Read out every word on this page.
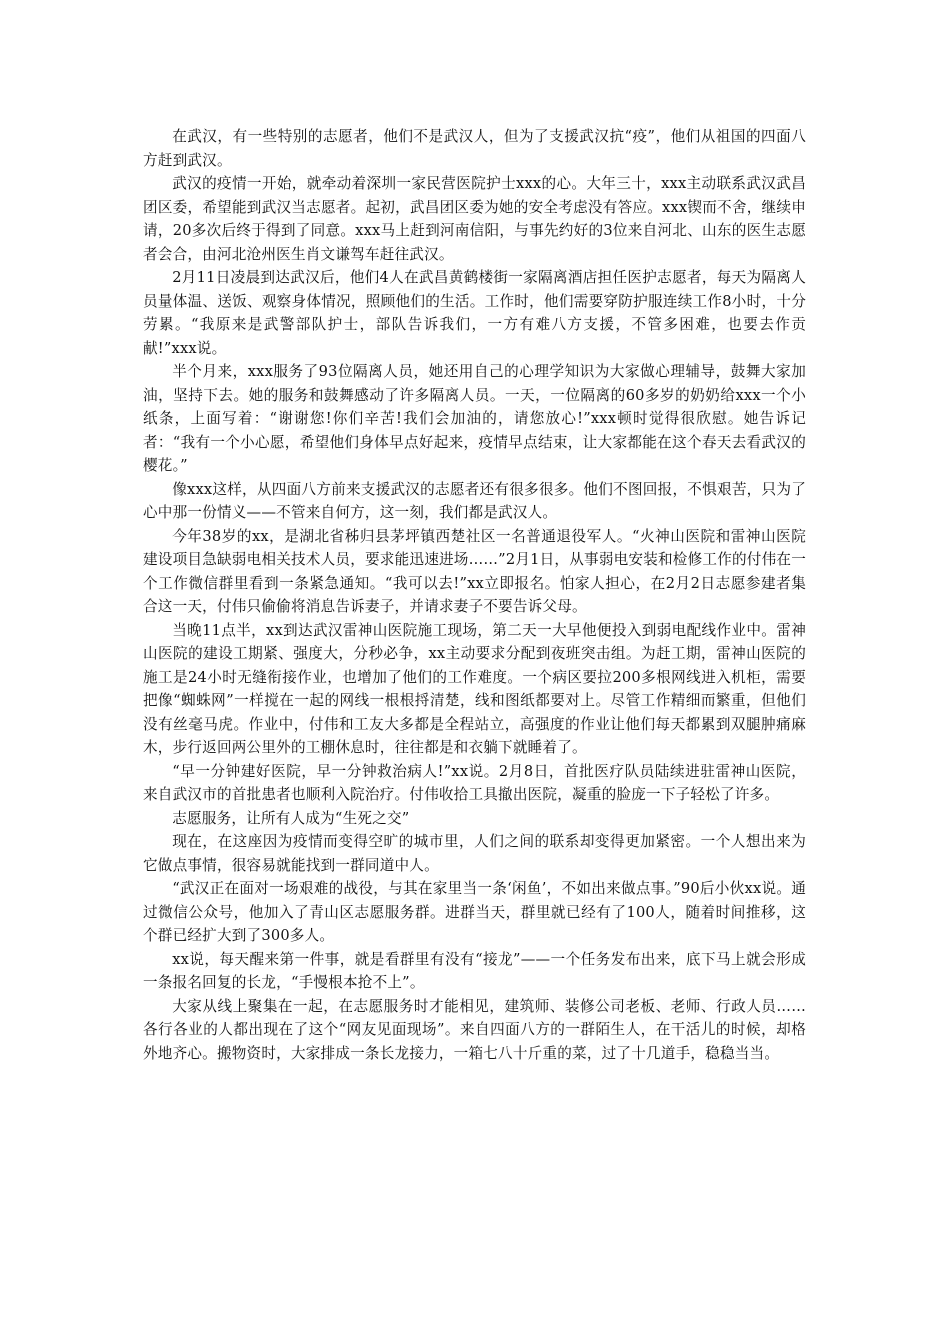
在武汉，有一些特别的志愿者，他们不是武汉人，但为了支援武汉抗“疫”，他们从祖国的四面八方赶到武汉。

武汉的疫情一开始，就牵动着深圳一家民营医院护士xxx的心。大年三十，xxx主动联系武汉武昌团区委，希望能到武汉当志愿者。起初，武昌团区委为她的安全考虑没有答应。xxx锲而不舍，继续申请，20多次后终于得到了同意。xxx马上赶到河南信阳，与事先约好的3位来自河北、山东的医生志愿者会合，由河北沧州医生肖文谦驾车赶往武汉。

2月11日凌晨到达武汉后，他们4人在武昌黄鹤楼街一家隔离酒店担任医护志愿者，每天为隔离人员量体温、送饭、观察身体情况，照顾他们的生活。工作时，他们需要穿防护服连续工作8小时，十分劳累。“我原来是武警部队护士，部队告诉我们，一方有难八方支援，不管多困难，也要去作贡献!”xxx说。

半个月来，xxx服务了93位隔离人员，她还用自己的心理学知识为大家做心理辅导，鼓舞大家加油，坚持下去。她的服务和鼓舞感动了许多隔离人员。一天，一位隔离的60多岁的奶奶给xxx一个小纸条，上面写着：“谢谢您!你们辛苦!我们会加油的，请您放心!”xxx顿时觉得很欣慰。她告诉记者：“我有一个小心愿，希望他们身体早点好起来，疫情早点结束，让大家都能在这个春天去看武汉的樱花。”

像xxx这样，从四面八方前来支援武汉的志愿者还有很多很多。他们不图回报，不惧艰苦，只为了心中那一份情义——不管来自何方，这一刻，我们都是武汉人。

今年38岁的xx，是湖北省秭归县茅坪镇西楚社区一名普通退役军人。“火神山医院和雷神山医院建设项目急缺弱电相关技术人员，要求能迅速进场……”2月1日，从事弱电安装和检修工作的付伟在一个工作微信群里看到一条紧急通知。“我可以去!”xx立即报名。怕家人担心，在2月2日志愿参建者集合这一天，付伟只偷偷将消息告诉妻子，并请求妻子不要告诉父母。

当晚11点半，xx到达武汉雷神山医院施工现场，第二天一大早他便投入到弱电配线作业中。雷神山医院的建设工期紧、强度大，分秒必争，xx主动要求分配到夜班突击组。为赶工期，雷神山医院的施工是24小时无缝衔接作业，也增加了他们的工作难度。一个病区要拉200多根网线进入机柜，需要把像“蜘蛛网”一样搅在一起的网线一根根捋清楚，线和图纸都要对上。尽管工作精细而繁重，但他们没有丝毫马虎。作业中，付伟和工友大多都是全程站立，高强度的作业让他们每天都累到双腿肿痛麻木，步行返回两公里外的工棚休息时，往往都是和衣躺下就睡着了。

“早一分钟建好医院，早一分钟救治病人!”xx说。2月8日，首批医疗队员陆续进驻雷神山医院，来自武汉市的首批患者也顺利入院治疗。付伟收拾工具撤出医院，凝重的脸庞一下子轻松了许多。

志愿服务，让所有人成为“生死之交”

现在，在这座因为疫情而变得空旷的城市里，人们之间的联系却变得更加紧密。一个人想出来为它做点事情，很容易就能找到一群同道中人。

“武汉正在面对一场艰难的战役，与其在家里当一条‘闲鱼’，不如出来做点事。”90后小伙xx说。通过微信公众号，他加入了青山区志愿服务群。进群当天，群里就已经有了100人，随着时间推移，这个群已经扩大到了300多人。

xx说，每天醒来第一件事，就是看群里有没有“接龙”——一个任务发布出来，底下马上就会形成一条报名回复的长龙，“手慢根本抢不上”。

大家从线上聚集在一起，在志愿服务时才能相见，建筑师、装修公司老板、老师、行政人员……各行各业的人都出现在了这个“网友见面现场”。来自四面八方的一群陌生人，在干活儿的时候，却格外地齐心。搬物资时，大家排成一条长龙接力，一箱七八十斤重的菜，过了十几道手，稳稳当当。
